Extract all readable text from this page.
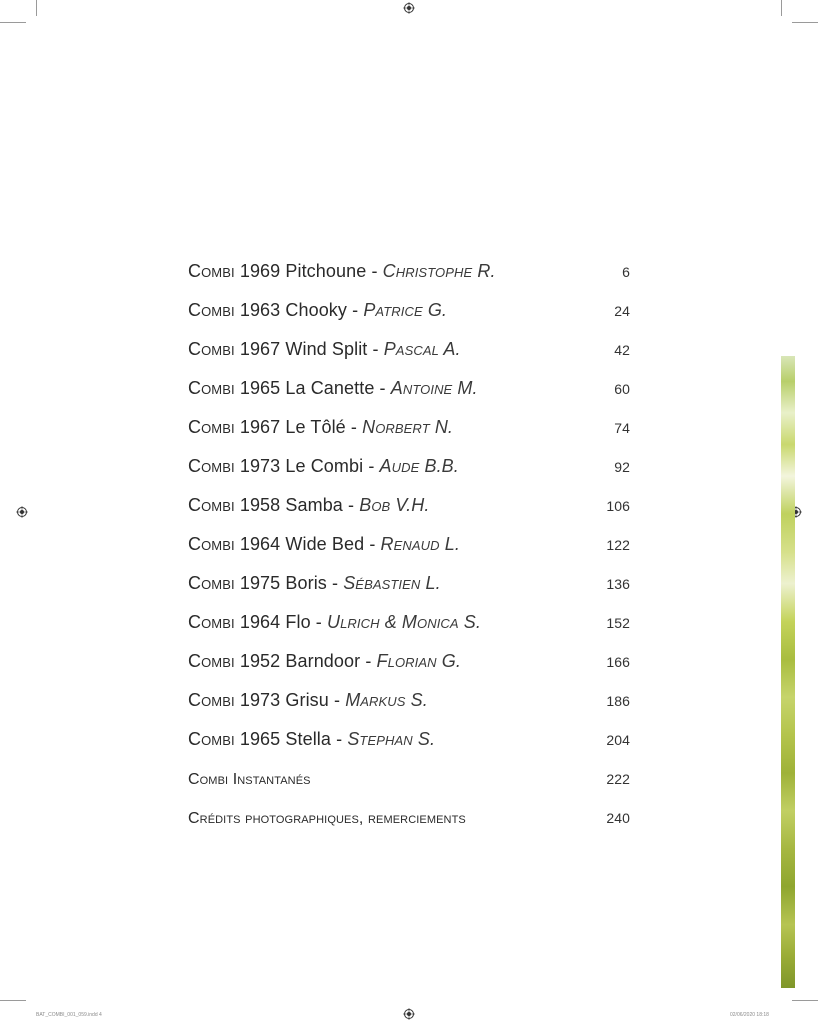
Combi 1969 Pitchoune - Christophe R.	6
Combi 1963 Chooky - Patrice G.	24
Combi 1967 Wind Split - Pascal A.	42
Combi 1965 La Canette - Antoine M.	60
Combi 1967 Le Tôlé - Norbert N.	74
Combi 1973 Le Combi - Aude B.B.	92
Combi 1958 Samba - Bob V.H.	106
Combi 1964 Wide Bed - Renaud L.	122
Combi 1975 Boris - Sébastien L.	136
Combi 1964 Flo - Ulrich & Monica S.	152
Combi 1952 Barndoor - Florian G.	166
Combi 1973 Grisu - Markus S.	186
Combi 1965 Stella - Stephan S.	204
Combi Instantanés	222
Crédits photographiques, remerciements	240
BAT_COMBI_001_059.indd 4	02/06/2020 18:18
